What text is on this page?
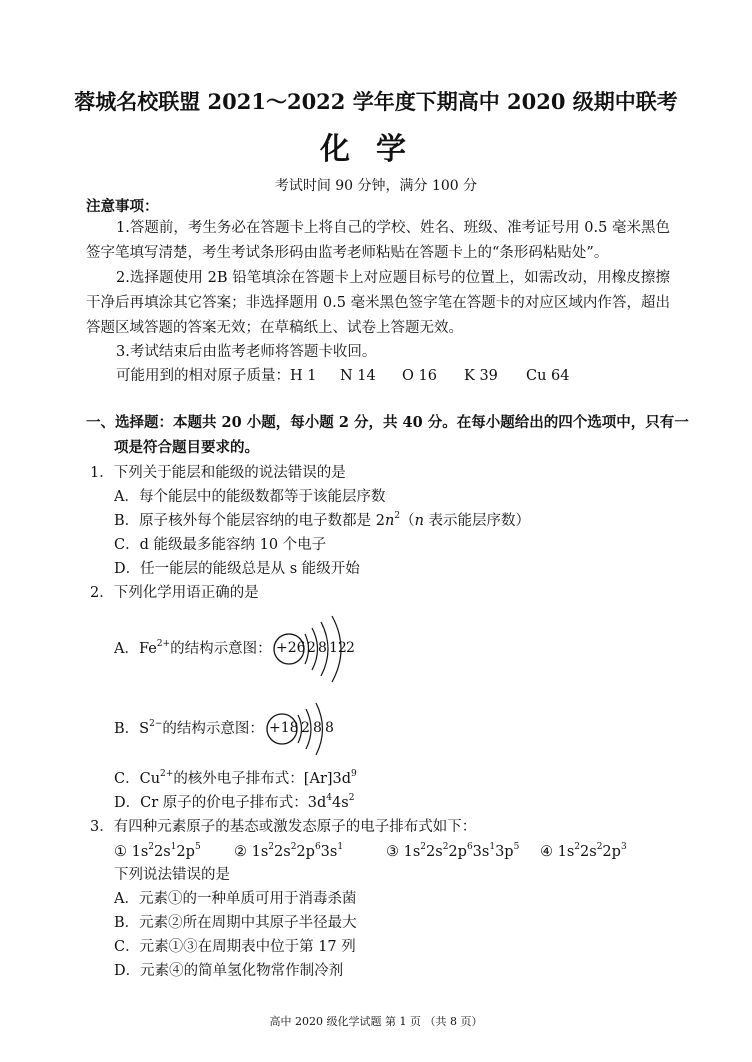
蓉城名校联盟 2021～2022 学年度下期高中 2020 级期中联考
化学
考试时间 90 分钟，满分 100 分
注意事项：
1.答题前，考生务必在答题卡上将自己的学校、姓名、班级、准考证号用 0.5 毫米黑色签字笔填写清楚，考生考试条形码由监考老师粘贴在答题卡上的“条形码粘贴处”。
2.选择题使用 2B 铅笔填涂在答题卡上对应题目标号的位置上，如需改动，用橡皮擦擦干净后再填涂其它答案；非选择题用 0.5 毫米黑色签字笔在答题卡的对应区域内作答，超出答题区域答题的答案无效；在草稿纸上、试卷上答题无效。
3.考试结束后由监考老师将答题卡收回。
可能用到的相对原子质量：H 1 N 14 O 16 K 39 Cu 64
一、选择题：本题共 20 小题，每小题 2 分，共 40 分。在每小题给出的四个选项中，只有一项是符合题目要求的。
1．下列关于能层和能级的说法错误的是
A．每个能层中的能级数都等于该能层序数
B．原子核外每个能层容纳的电子数都是 $2n^2(n$ 表示能层序数）
C．d 能级最多能容纳 10 个电子
D．任一能层的能级总是从 s 能级开始
2．下列化学用语正确的是
A．$Fe^{2+}$的结构示意图： +26 2 8 12 2
B．$S^{2-}$的结构示意图： +18 2 8 8
C．$Cu^{2+}$的核外电子排布式：$[Ar]3d^9$
D．Cr 原子的价电子排布式：$3d^44s^2$
3．有四种元素原子的基态或激发态原子的电子排布式如下：
① $1s^22s^12p^5$ ② $1s^22s^22p^63s^1$	③ $1s^22s^22p^63s^13p^5$ ④ $1s^22s^22p^3$
下列说法错误的是
A．元素①的一种单质可用于消毒杀菌
B．元素②所在周期中其原子半径最大
C．元素①③在周期表中位于第 17 列
D．元素④的简单氢化物常作制冷剂
高中 2020 级化学试题 第 1 页 （共 8 页）
